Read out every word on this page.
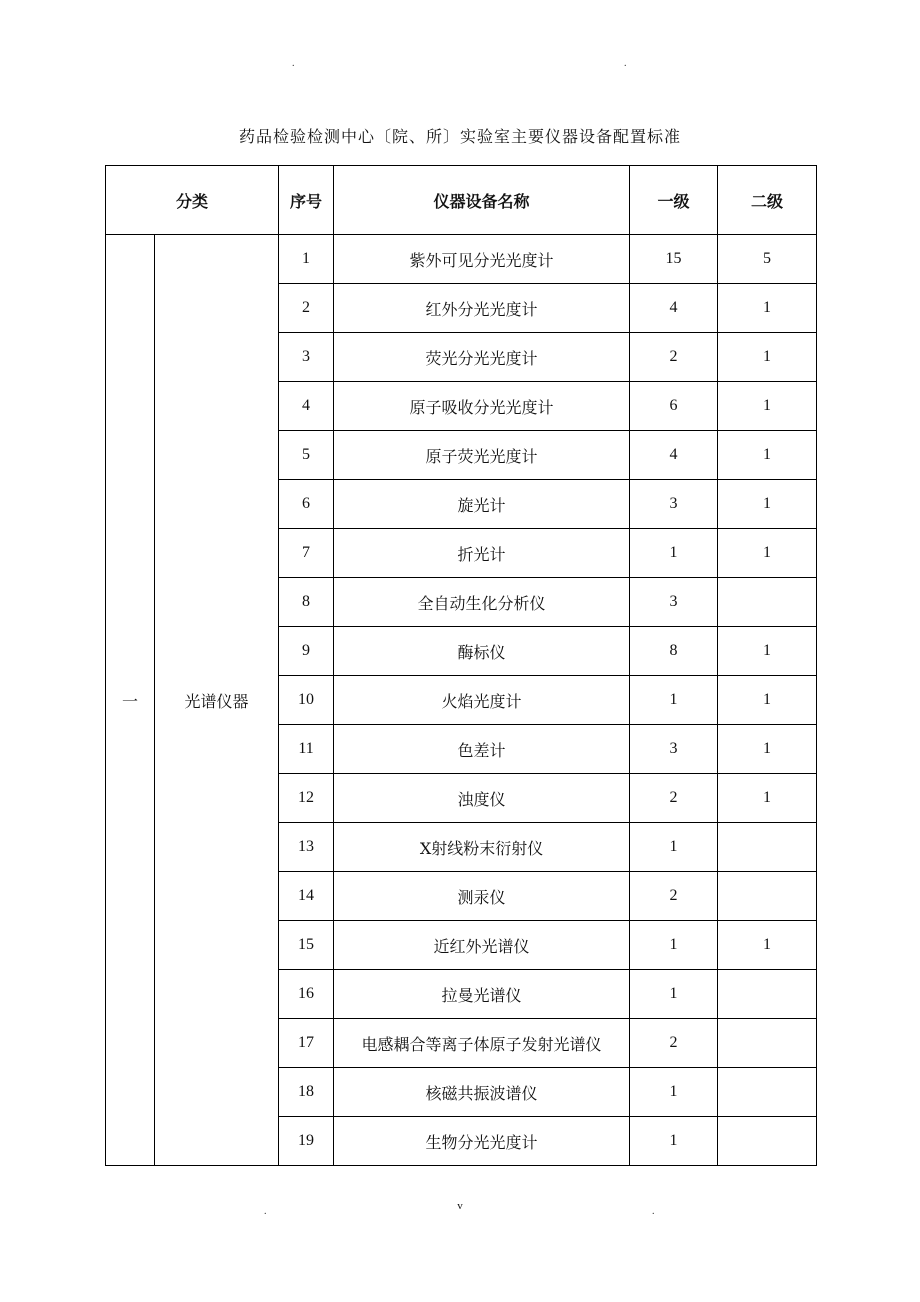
.	.
药品检验检测中心〔院、所〕实验室主要仪器设备配置标准
分类		序号	仪器设备名称	一级	二级
一	光谱仪器	1	紫外可见分光光度计	15	5
		2	红外分光光度计	4	1
		3	荧光分光光度计	2	1
		4	原子吸收分光光度计	6	1
		5	原子荧光光度计	4	1
		6	旋光计	3	1
		7	折光计	1	1
		8	全自动生化分析仪	3	
		9	酶标仪	8	1
		10	火焰光度计	1	1
		11	色差计	3	1
		12	浊度仪	2	1
		13	X射线粉末衍射仪	1	
		14	测汞仪	2	
		15	近红外光谱仪	1	1
		16	拉曼光谱仪	1	
		17	电感耦合等离子体原子发射光谱仪	2	
		18	核磁共振波谱仪	1	
		19	生物分光光度计	1	
.	v	.
